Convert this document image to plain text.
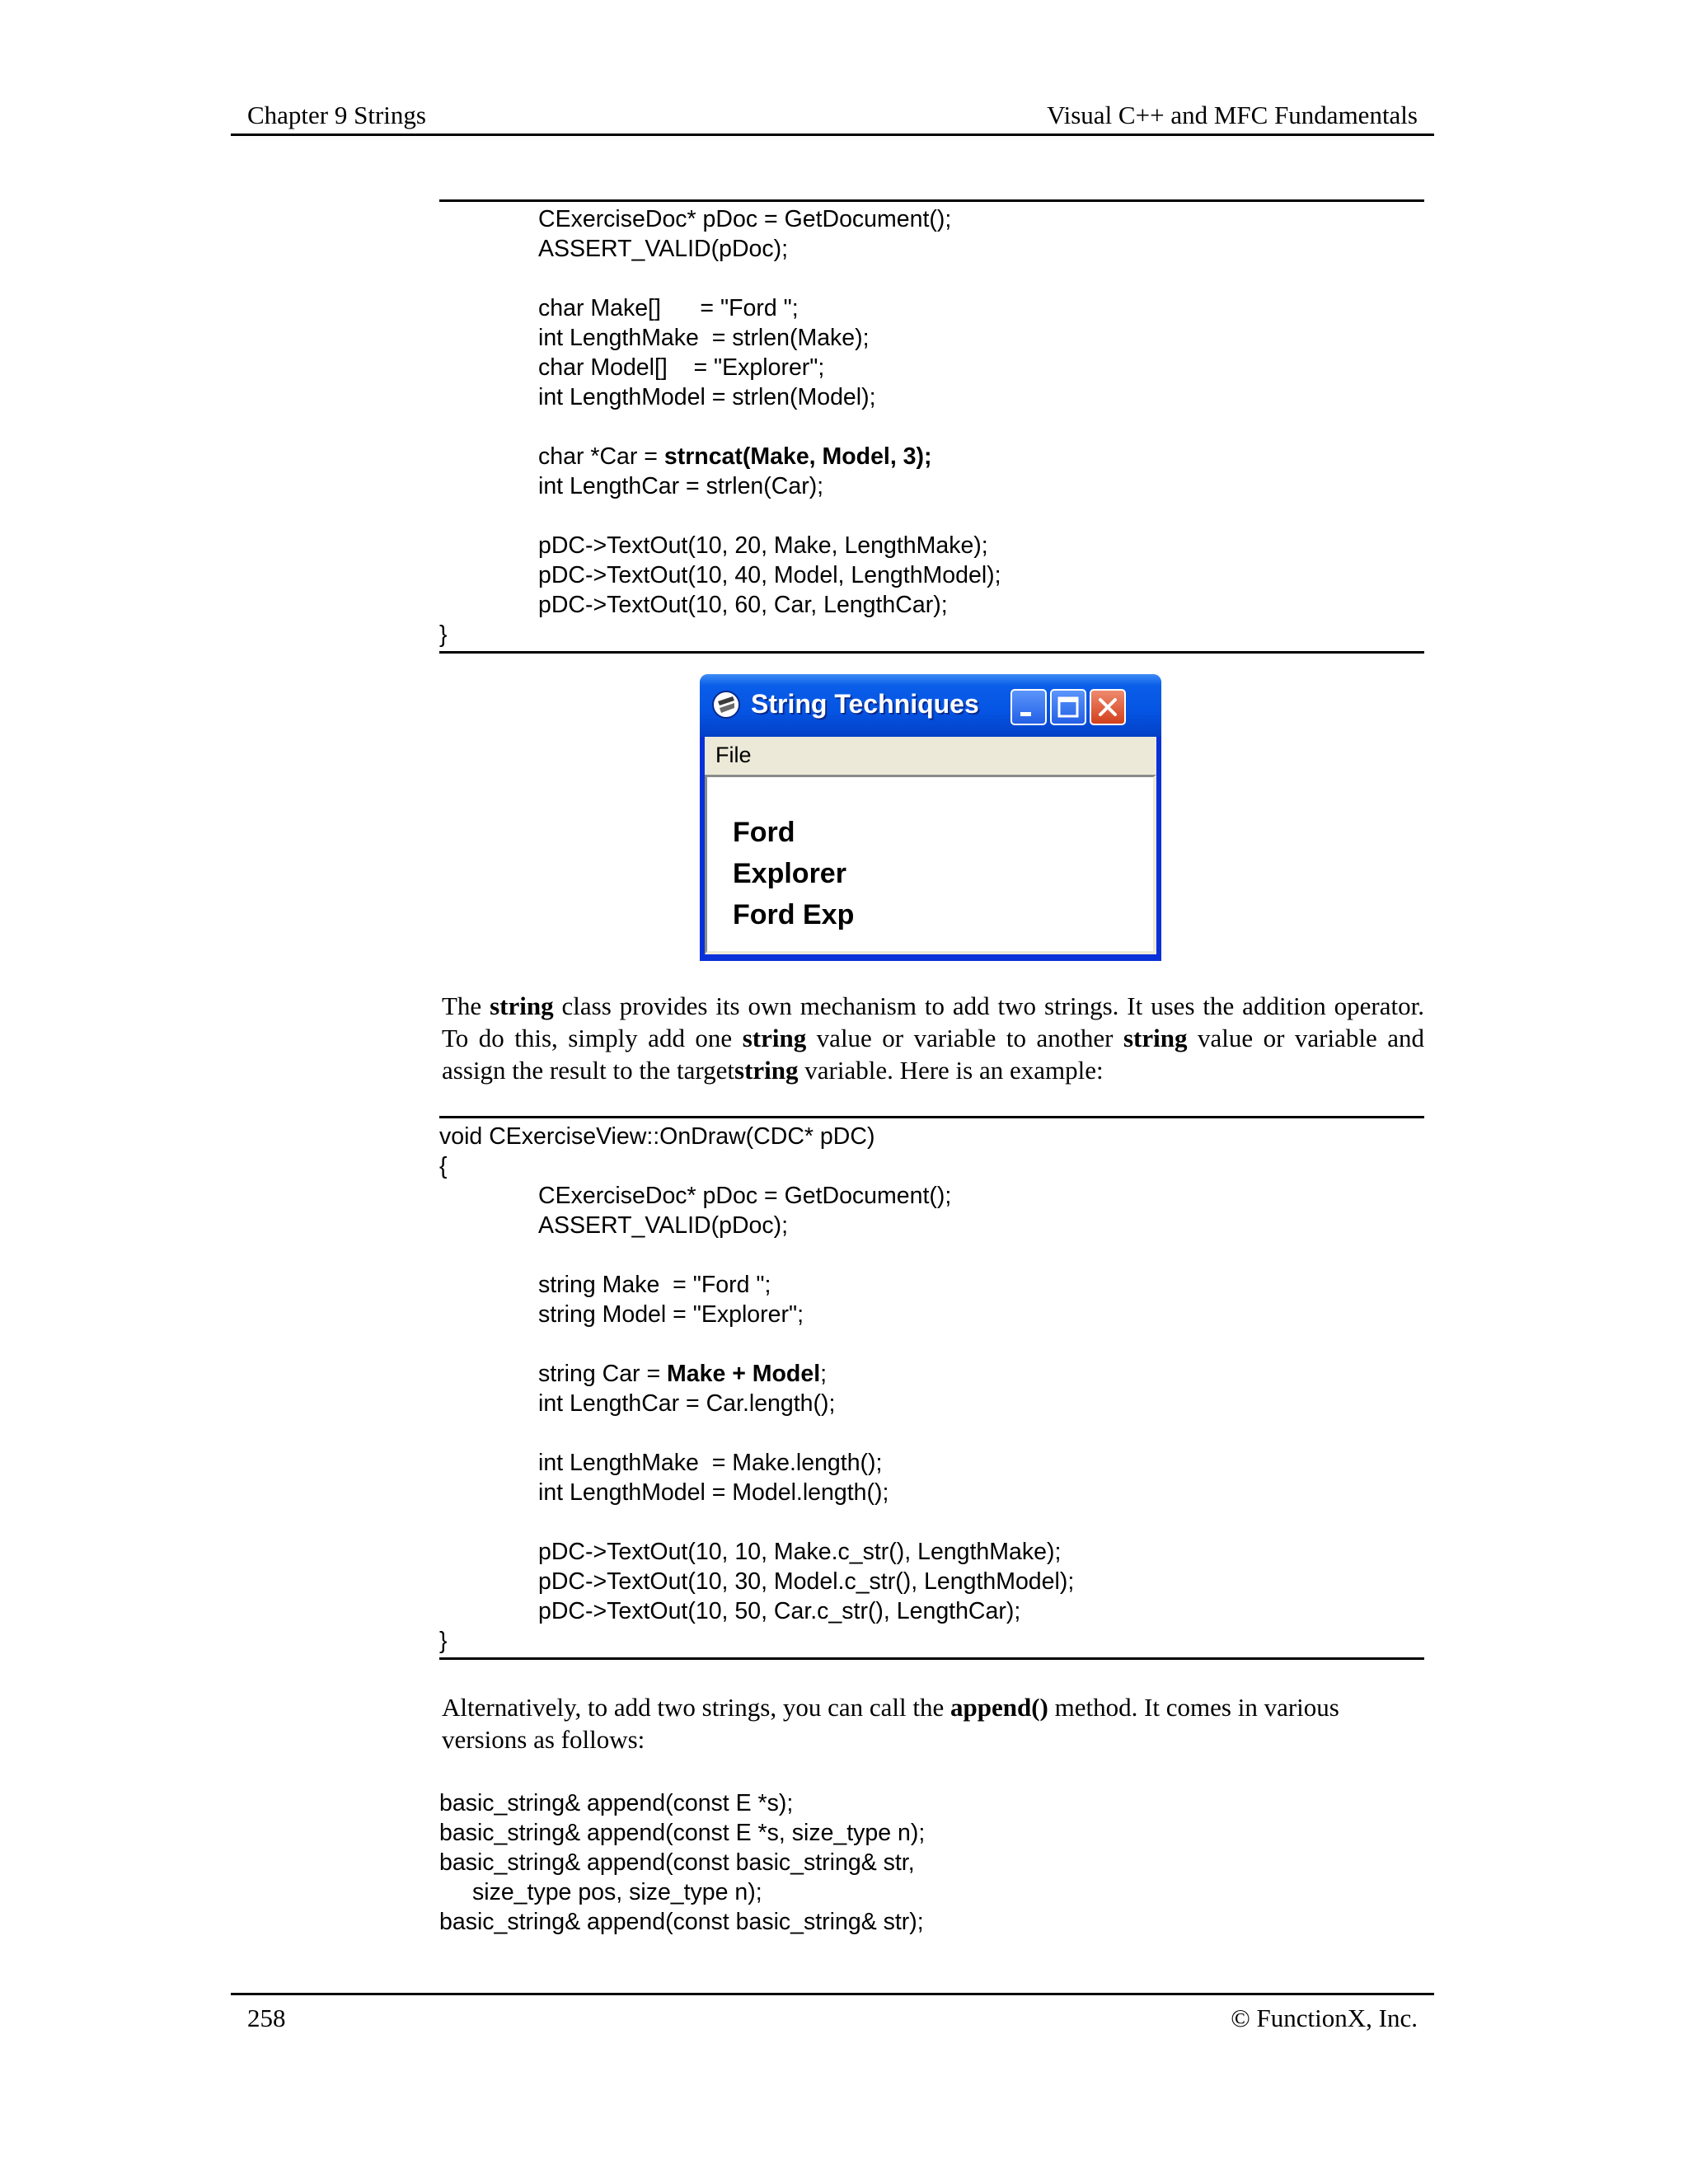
Chapter 9 Strings	Visual C++ and MFC Fundamentals
CExerciseDoc* pDoc = GetDocument();
ASSERT_VALID(pDoc);
char Make[]      = "Ford ";
int LengthMake  = strlen(Make);
char Model[]    = "Explorer";
int LengthModel = strlen(Model);
char *Car = strncat(Make, Model, 3);
int LengthCar = strlen(Car);
pDC->TextOut(10, 20, Make, LengthMake);
pDC->TextOut(10, 40, Model, LengthModel);
pDC->TextOut(10, 60, Car, LengthCar);
}
String Techniques
File
Ford
Explorer
Ford Exp
The string class provides its own mechanism to add two strings. It uses the addition operator. To do this, simply add one string value or variable to another string value or variable and assign the result to the targetstring variable. Here is an example:
void CExerciseView::OnDraw(CDC* pDC)
{
CExerciseDoc* pDoc = GetDocument();
ASSERT_VALID(pDoc);
string Make  = "Ford ";
string Model = "Explorer";
string Car = Make + Model;
int LengthCar = Car.length();
int LengthMake  = Make.length();
int LengthModel = Model.length();
pDC->TextOut(10, 10, Make.c_str(), LengthMake);
pDC->TextOut(10, 30, Model.c_str(), LengthModel);
pDC->TextOut(10, 50, Car.c_str(), LengthCar);
}
Alternatively, to add two strings, you can call the append() method. It comes in various versions as follows:
basic_string& append(const E *s);
basic_string& append(const E *s, size_type n);
basic_string& append(const basic_string& str,
size_type pos, size_type n);
basic_string& append(const basic_string& str);
258	© FunctionX, Inc.
